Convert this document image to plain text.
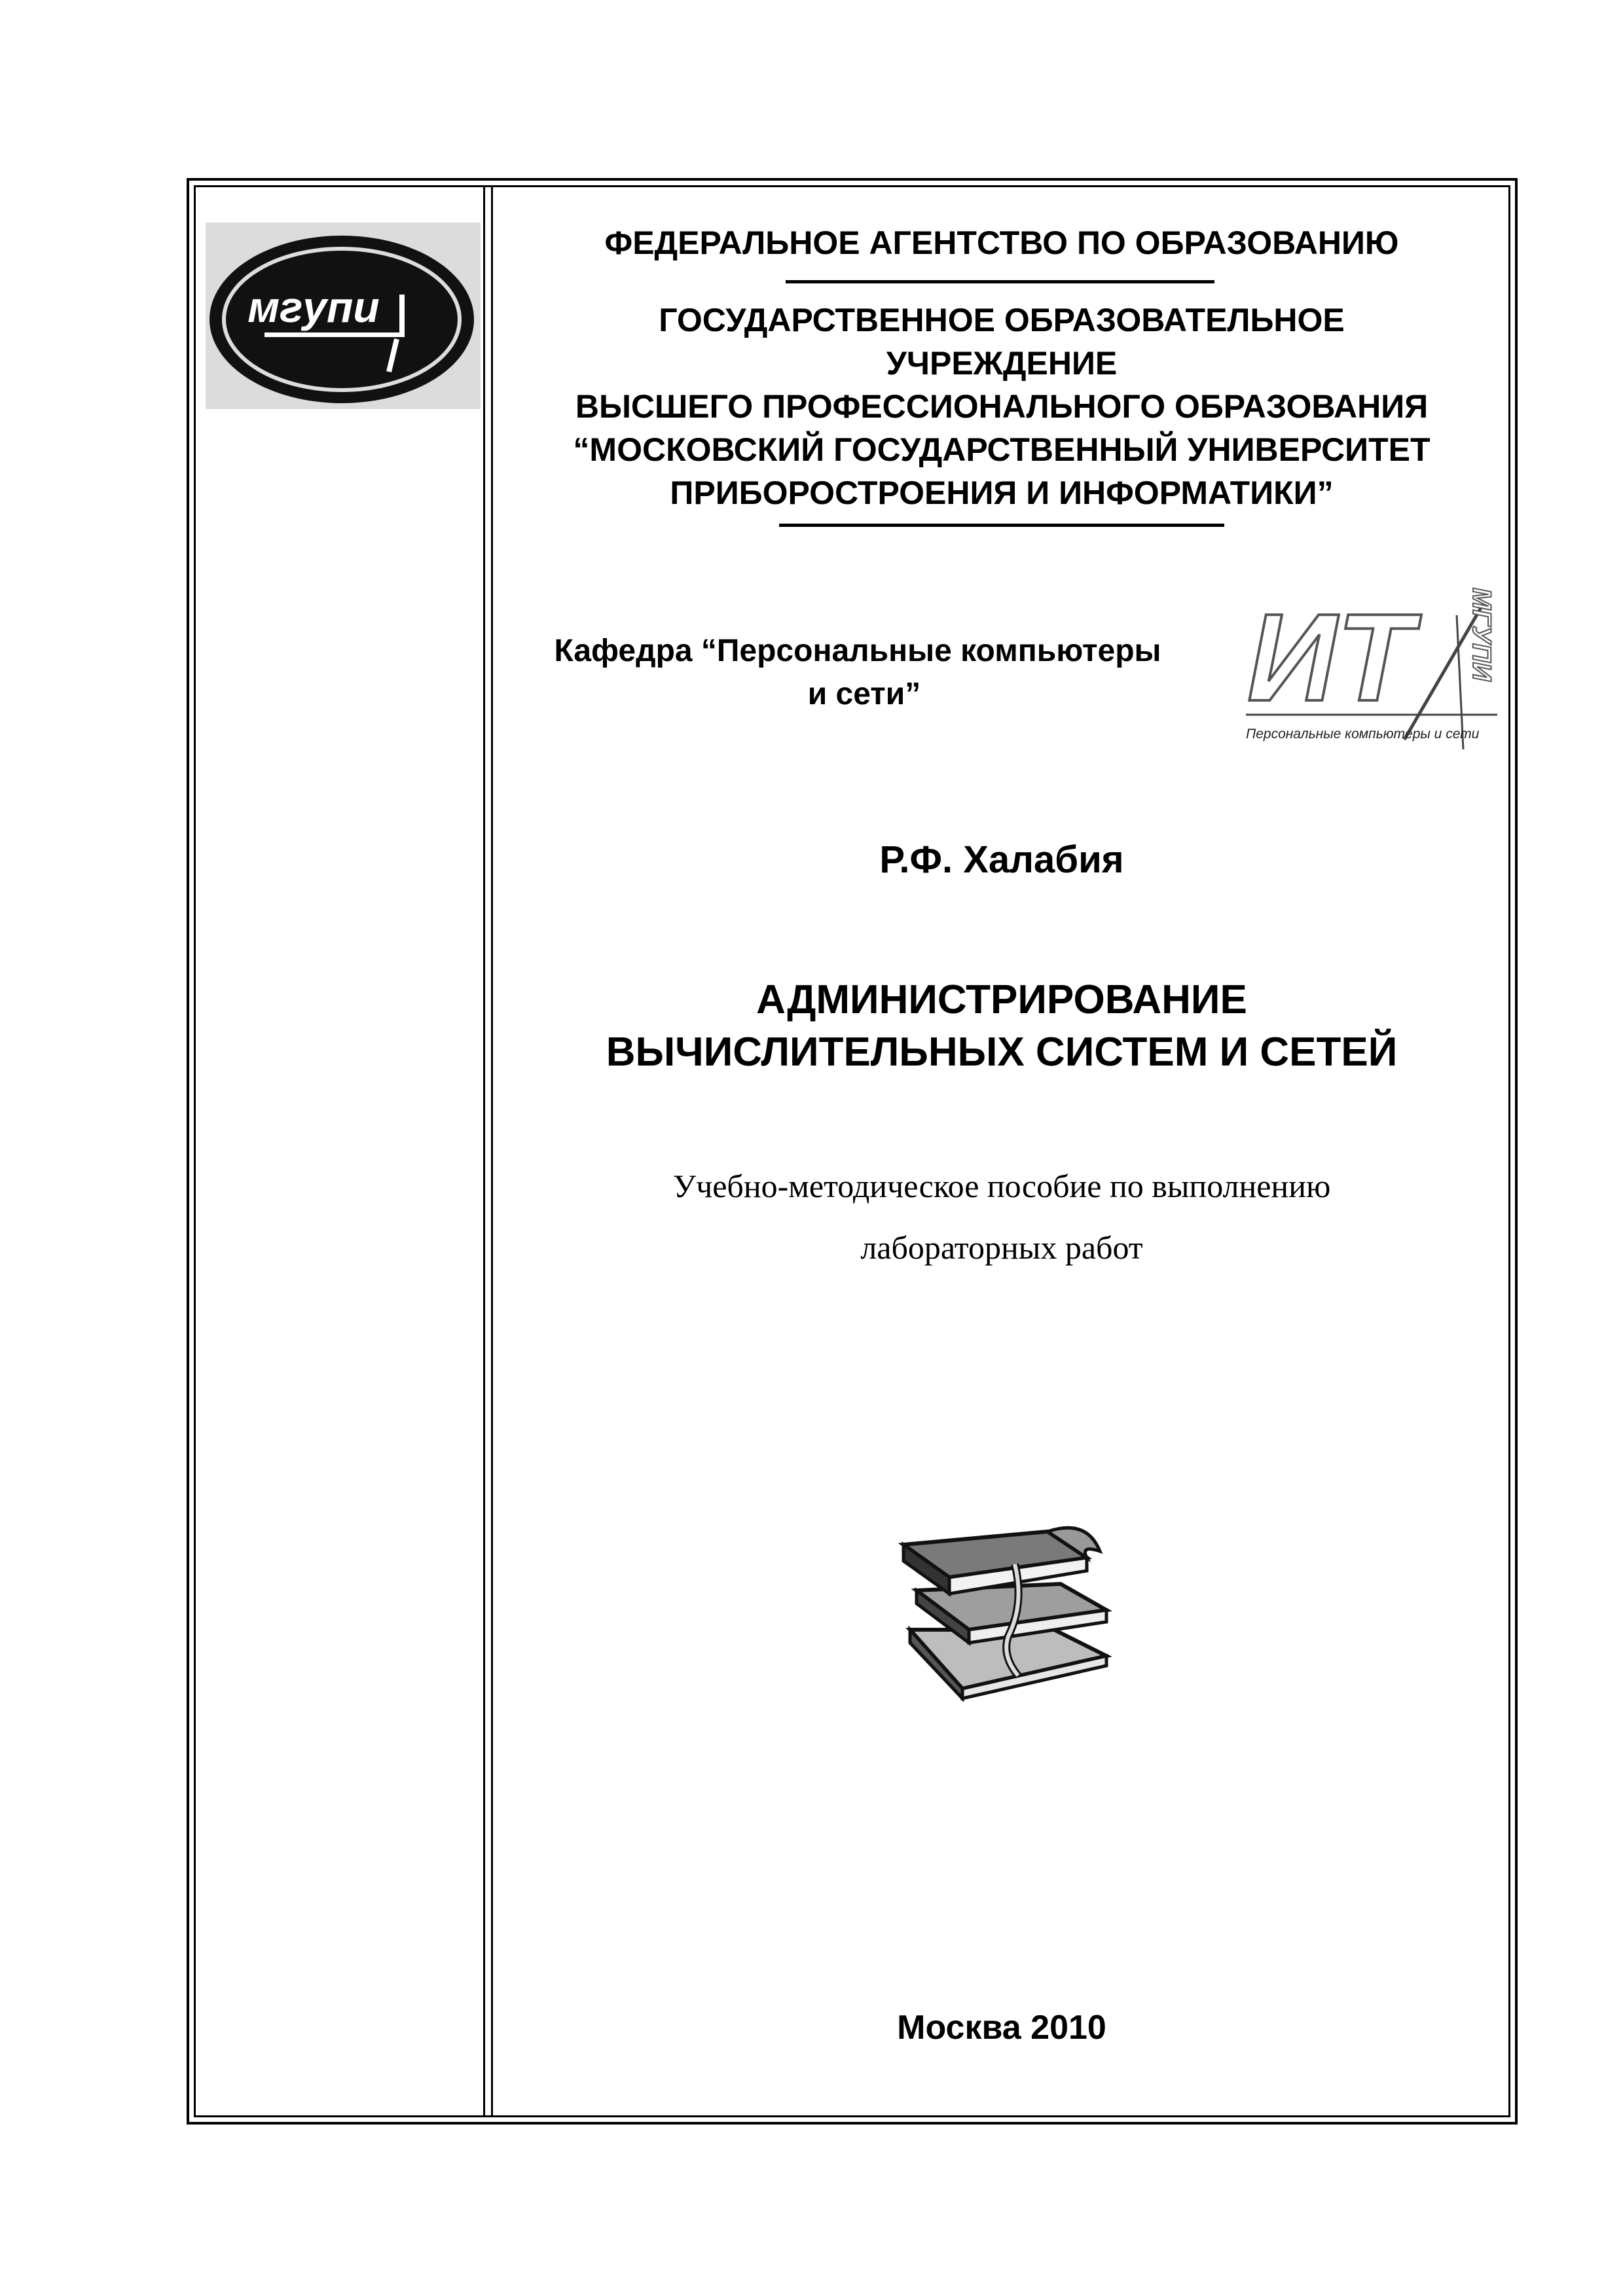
мгупи
ФЕДЕРАЛЬНОЕ АГЕНТСТВО ПО ОБРАЗОВАНИЮ
ГОСУДАРСТВЕННОЕ ОБРАЗОВАТЕЛЬНОЕ
УЧРЕЖДЕНИЕ
ВЫСШЕГО ПРОФЕССИОНАЛЬНОГО ОБРАЗОВАНИЯ
“МОСКОВСКИЙ ГОСУДАРСТВЕННЫЙ УНИВЕРСИТЕТ
ПРИБОРОСТРОЕНИЯ И ИНФОРМАТИКИ”
Кафедра “Персональные компьютеры
и сети”	ИТ
Персональные компьютеры и сети
МГУПИ
Р.Ф. Халабия
АДМИНИСТРИРОВАНИЕ
ВЫЧИСЛИТЕЛЬНЫХ СИСТЕМ И СЕТЕЙ
Учебно-методическое пособие по выполнению
лабораторных работ
Москва 2010
